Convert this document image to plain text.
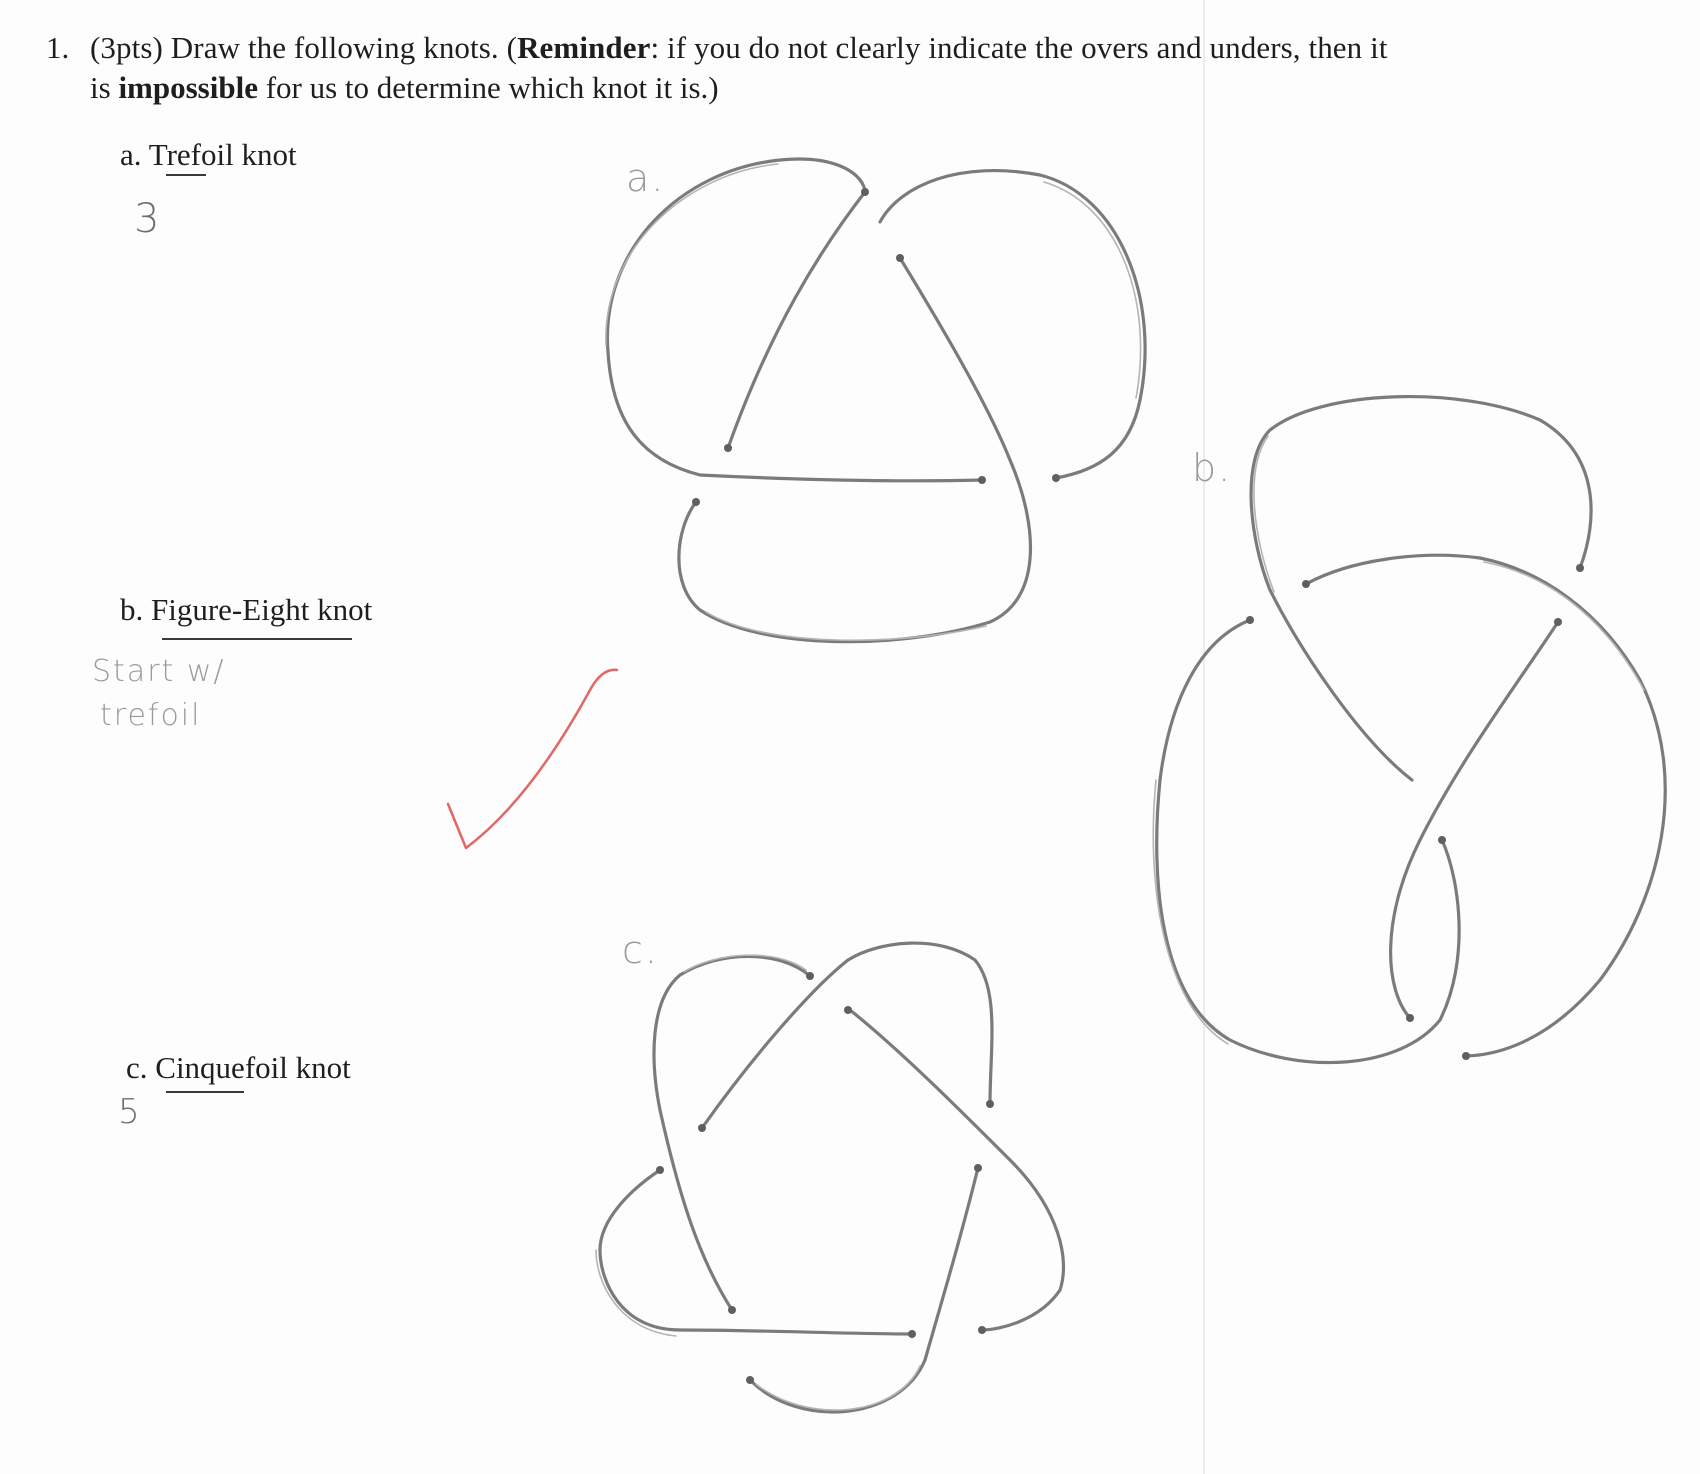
1. (3pts) Draw the following knots. (Reminder: if you do not clearly indicate the overs and unders, then it
is impossible for us to determine which knot it is.)
a. Trefoil knot
3
b. Figure-Eight knot
Start w/
trefoil
c. Cinquefoil knot
5
a.
b.
c.
